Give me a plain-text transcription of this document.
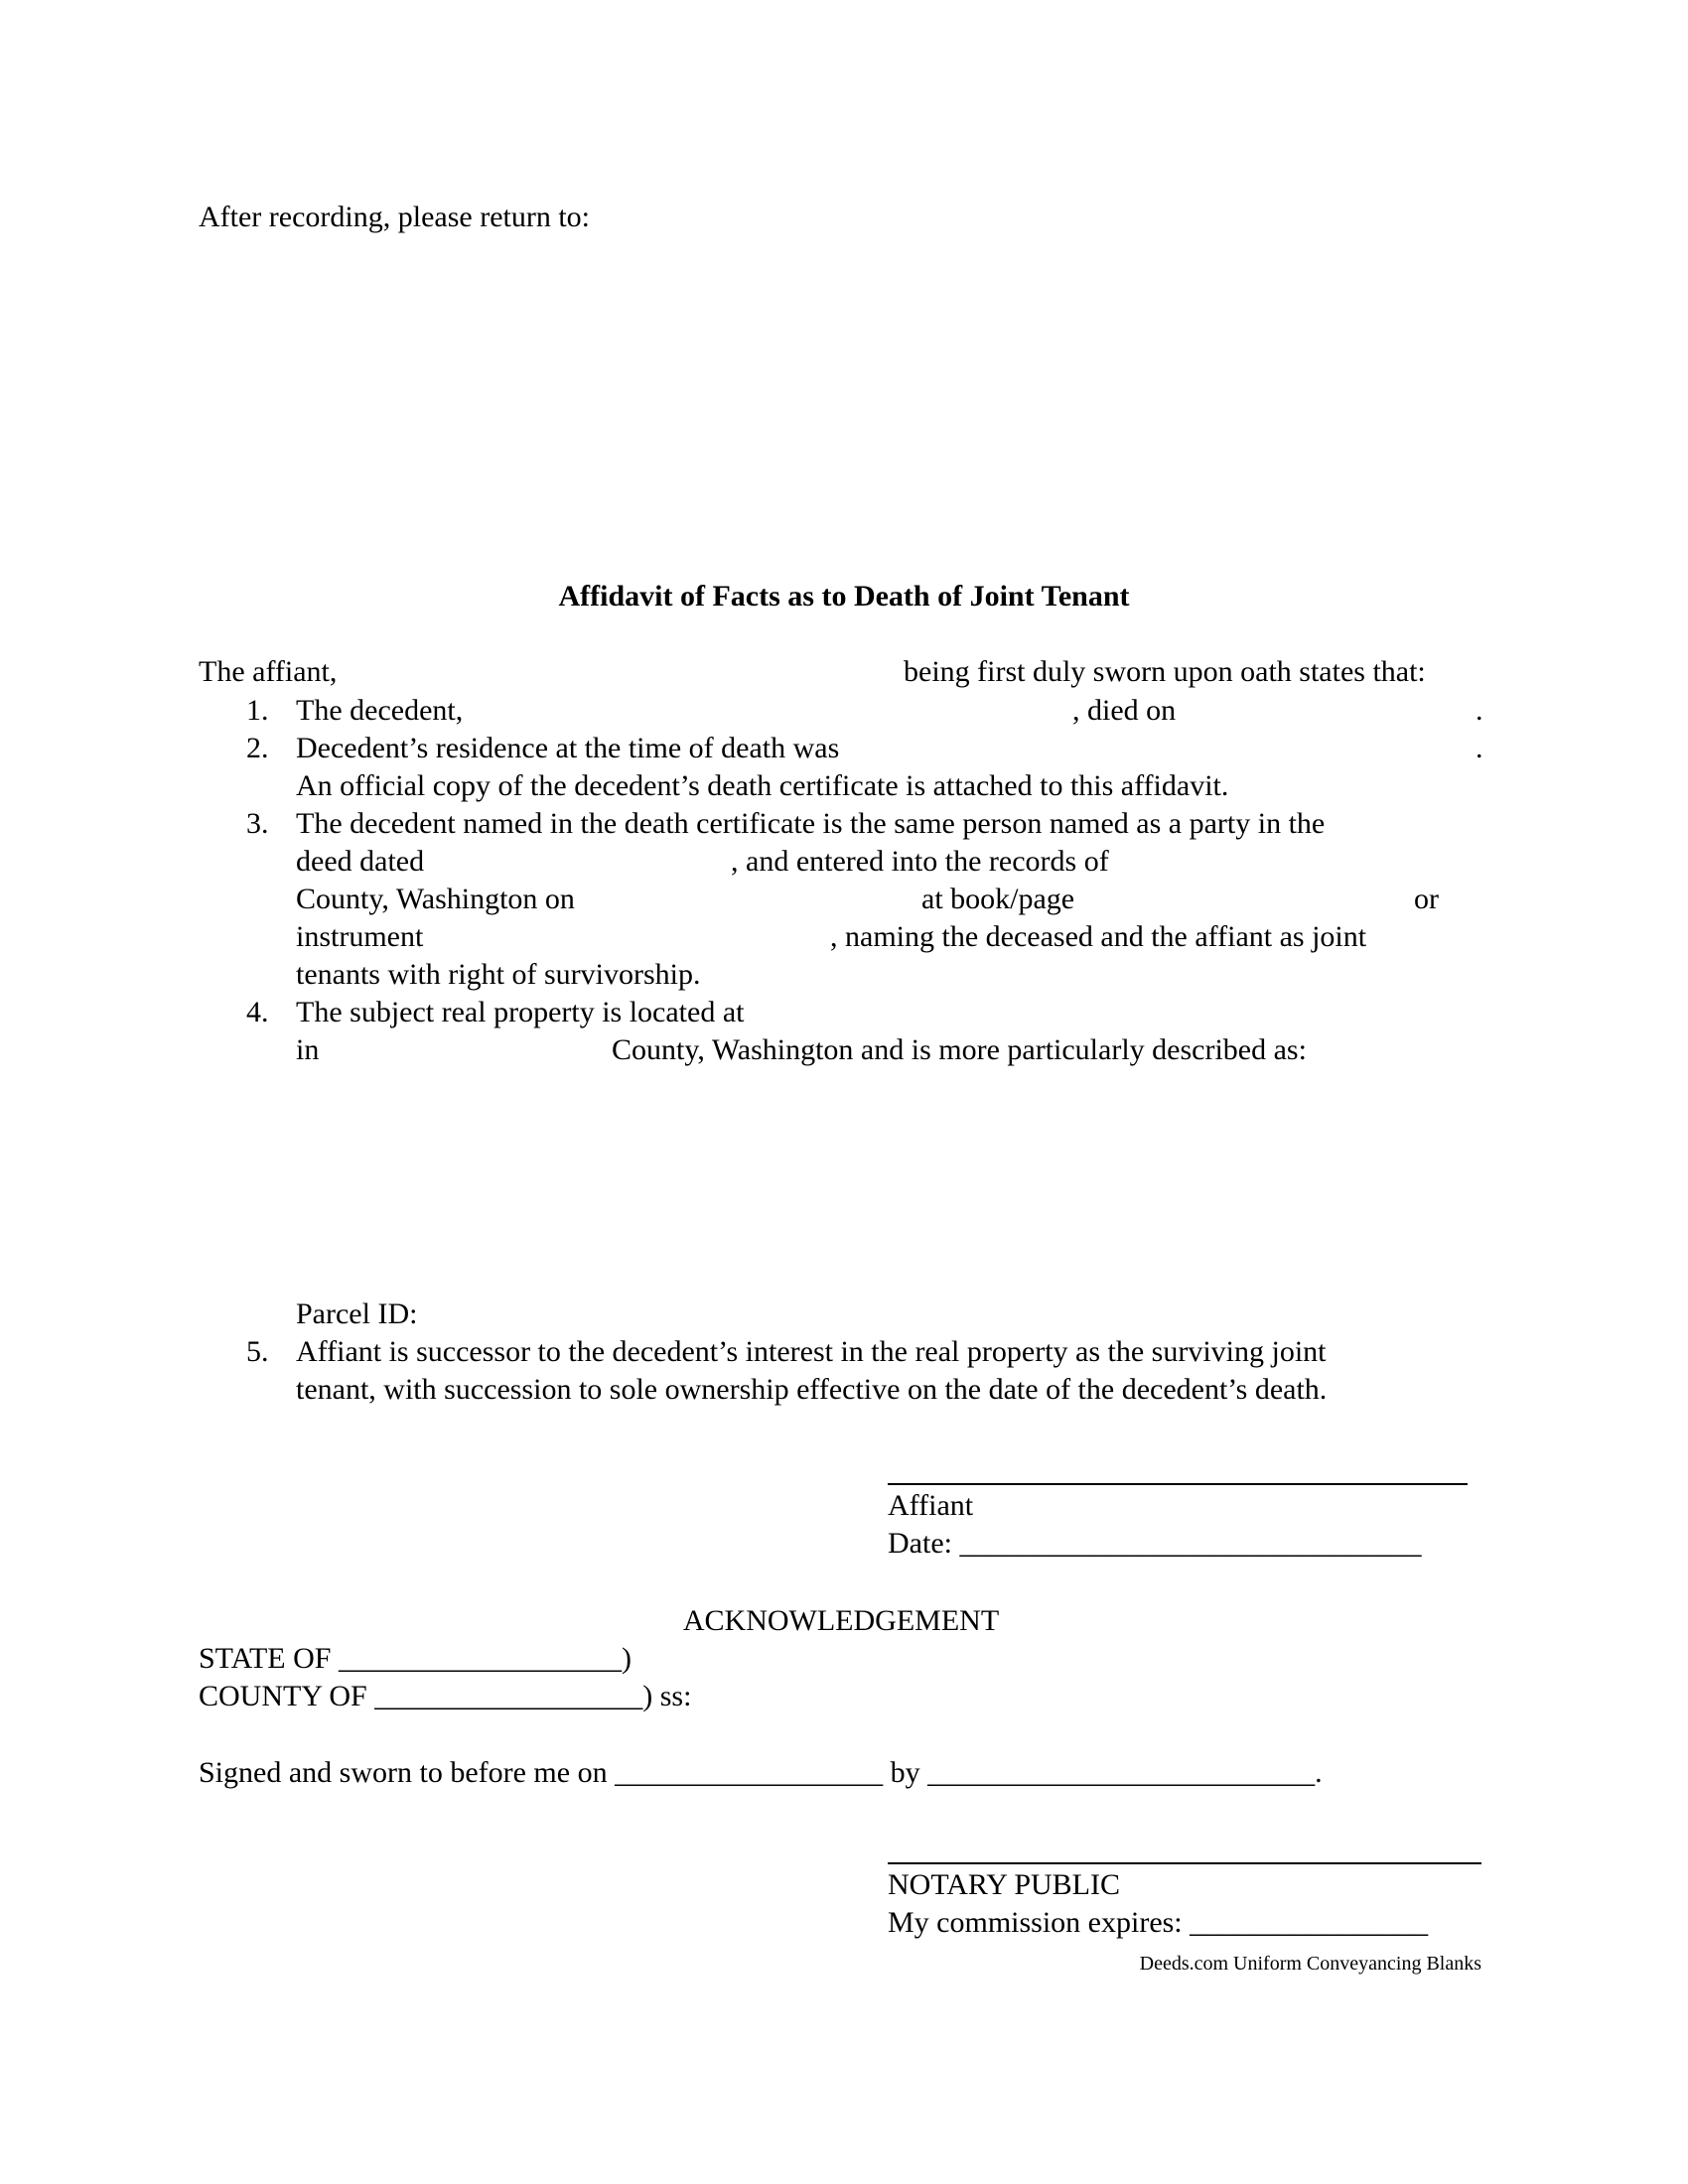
After recording, please return to:
Affidavit of Facts as to Death of Joint Tenant
The affiant,	being first duly sworn upon oath states that:
1. The decedent,	, died on	.
2. Decedent’s residence at the time of death was	.
An official copy of the decedent’s death certificate is attached to this affidavit.
3. The decedent named in the death certificate is the same person named as a party in the
deed dated	, and entered into the records of
County, Washington on	at book/page	or
instrument	, naming the deceased and the affiant as joint
tenants with right of survivorship.
4. The subject real property is located at
in	County, Washington and is more particularly described as:
Parcel ID:
5. Affiant is successor to the decedent’s interest in the real property as the surviving joint
tenant, with succession to sole ownership effective on the date of the decedent’s death.
Affiant
Date: _______________________________
ACKNOWLEDGEMENT
STATE OF ___________________)
COUNTY OF __________________) ss:
Signed and sworn to before me on __________________ by __________________________.
NOTARY PUBLIC
My commission expires: ________________
Deeds.com Uniform Conveyancing Blanks
